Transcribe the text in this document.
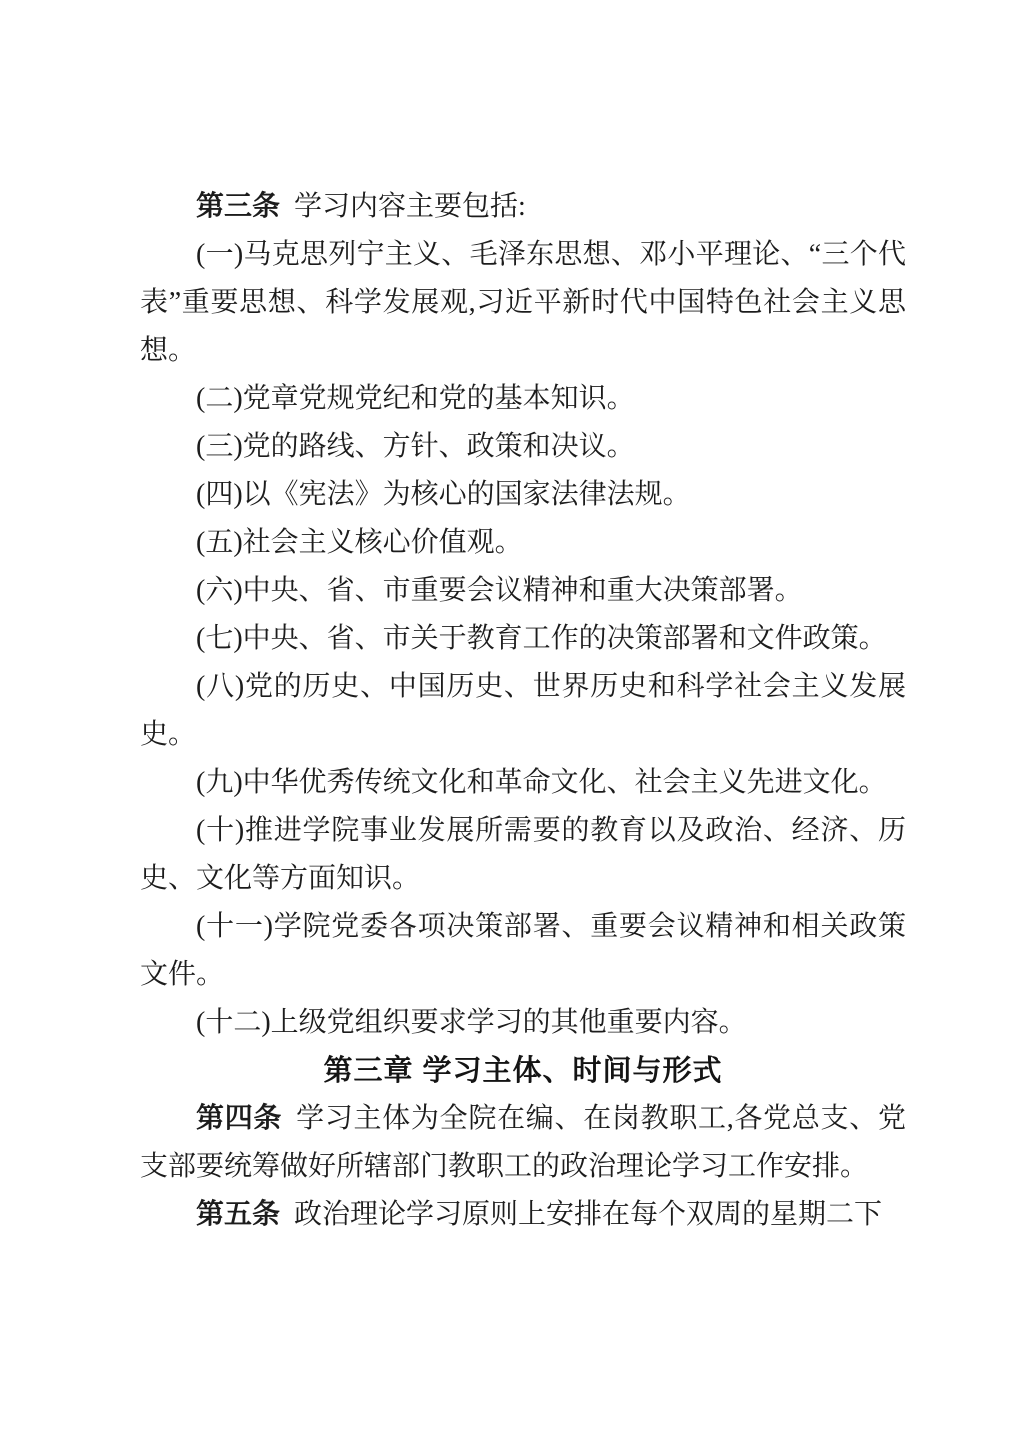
第三条 学习内容主要包括:

(一)马克思列宁主义、毛泽东思想、邓小平理论、“三个代表”重要思想、科学发展观,习近平新时代中国特色社会主义思想。

(二)党章党规党纪和党的基本知识。

(三)党的路线、方针、政策和决议。

(四)以《宪法》为核心的国家法律法规。

(五)社会主义核心价值观。

(六)中央、省、市重要会议精神和重大决策部署。

(七)中央、省、市关于教育工作的决策部署和文件政策。

(八)党的历史、中国历史、世界历史和科学社会主义发展史。

(九)中华优秀传统文化和革命文化、社会主义先进文化。

(十)推进学院事业发展所需要的教育以及政治、经济、历史、文化等方面知识。

(十一)学院党委各项决策部署、重要会议精神和相关政策文件。

(十二)上级党组织要求学习的其他重要内容。

第三章 学习主体、时间与形式

第四条 学习主体为全院在编、在岗教职工,各党总支、党支部要统筹做好所辖部门教职工的政治理论学习工作安排。

第五条 政治理论学习原则上安排在每个双周的星期二下
